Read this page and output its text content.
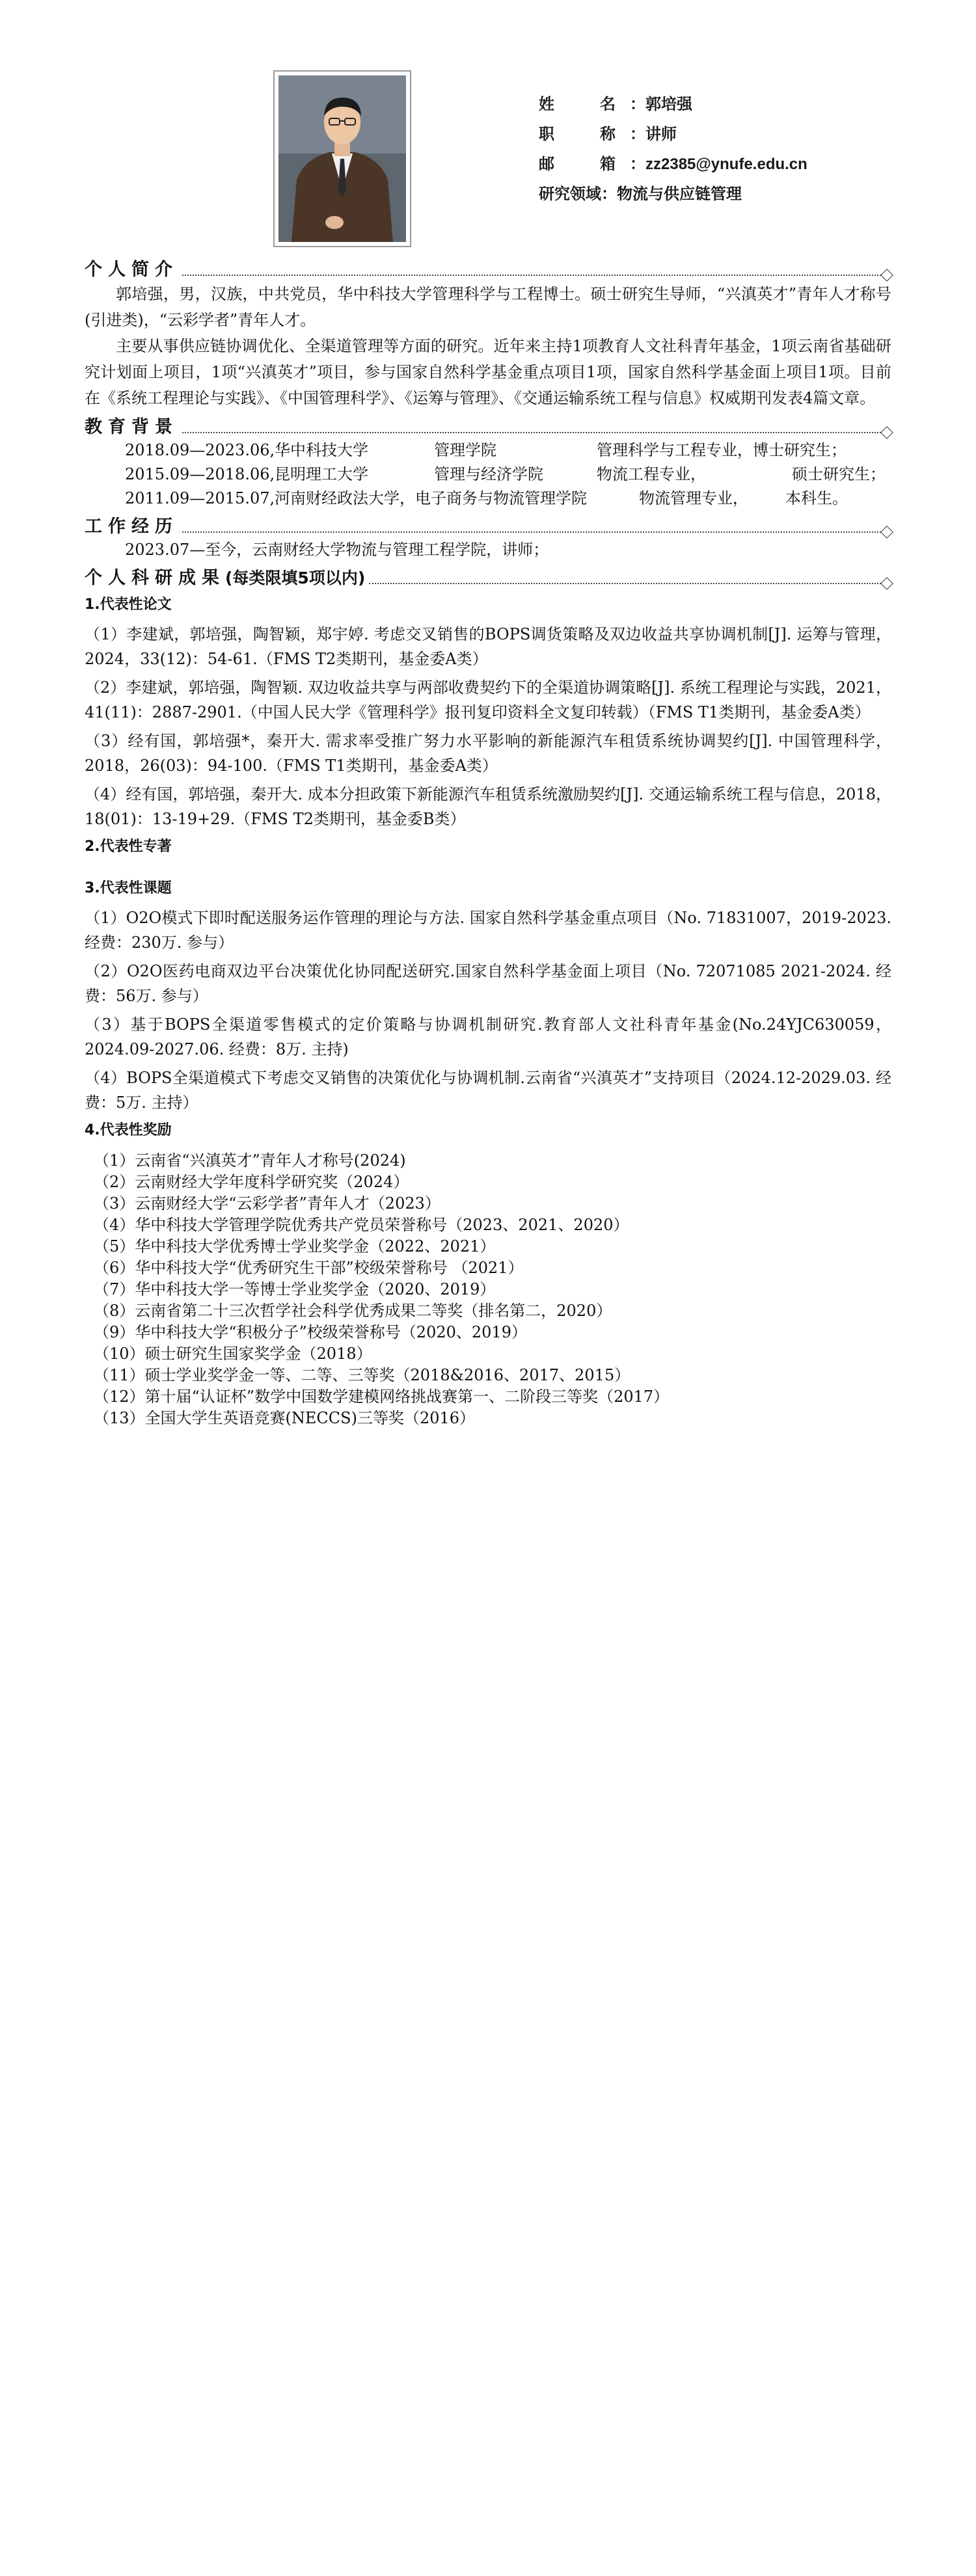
姓	名 ：郭培强
职	称 ：讲师
邮	箱 ：zz2385@ynufe.edu.cn
研究领域： 物流与供应链管理
个人简介

郭培强，男，汉族，中共党员，华中科技大学管理科学与工程博士。硕士研究生导师，“兴滇英才”青年人才称号(引进类)，“云彩学者”青年人才。

主要从事供应链协调优化、全渠道管理等方面的研究。近年来主持1项教育人文社科青年基金，1项云南省基础研究计划面上项目，1项“兴滇英才”项目，参与国家自然科学基金重点项目1项，国家自然科学基金面上项目1项。目前在《系统工程理论与实践》、《中国管理科学》、《运筹与管理》、《交通运输系统工程与信息》权威期刊发表4篇文章。

教育背景
2018.09—2023.06, 华中科技大学	管理学院	管理科学与工程专业，博士研究生；
2015.09—2018.06, 昆明理工大学	管理与经济学院	物流工程专业，	硕士研究生；
2011.09—2015.07, 河南财经政法大学，电子商务与物流管理学院	物流管理专业，	本科生。
工作经历
2023.07—至今，云南财经大学物流与管理工程学院，讲师；
个人科研成果(每类限填5项以内)
1.代表性论文

（1）李建斌，郭培强，陶智颖，郑宇婷. 考虑交叉销售的BOPS调货策略及双边收益共享协调机制[J]. 运筹与管理，2024，33(12)：54-61.（FMS T2类期刊，基金委A类）

（2）李建斌，郭培强，陶智颖. 双边收益共享与两部收费契约下的全渠道协调策略[J]. 系统工程理论与实践，2021，41(11)：2887-2901.（中国人民大学《管理科学》报刊复印资料全文复印转载）（FMS T1类期刊，基金委A类）

（3）经有国，郭培强*，秦开大. 需求率受推广努力水平影响的新能源汽车租赁系统协调契约[J]. 中国管理科学，2018，26(03)：94-100.（FMS T1类期刊，基金委A类）

（4）经有国，郭培强，秦开大. 成本分担政策下新能源汽车租赁系统激励契约[J]. 交通运输系统工程与信息，2018，18(01)：13-19+29.（FMS T2类期刊，基金委B类）

2.代表性专著
3.代表性课题

（1）O2O模式下即时配送服务运作管理的理论与方法. 国家自然科学基金重点项目（No. 71831007，2019-2023. 经费：230万. 参与）

（2）O2O医药电商双边平台决策优化协同配送研究.国家自然科学基金面上项目（No. 72071085 2021-2024. 经费：56万. 参与）

（3）基于BOPS全渠道零售模式的定价策略与协调机制研究.教育部人文社科青年基金(No.24YJC630059，2024.09-2027.06. 经费：8万. 主持)

（4）BOPS全渠道模式下考虑交叉销售的决策优化与协调机制.云南省“兴滇英才”支持项目（2024.12-2029.03. 经费：5万. 主持）

4.代表性奖励
（1）云南省“兴滇英才”青年人才称号(2024)
（2）云南财经大学年度科学研究奖（2024）
（3）云南财经大学“云彩学者”青年人才（2023）
（4）华中科技大学管理学院优秀共产党员荣誉称号（2023、2021、2020）
（5）华中科技大学优秀博士学业奖学金（2022、2021）
（6）华中科技大学“优秀研究生干部”校级荣誉称号 （2021）
（7）华中科技大学一等博士学业奖学金（2020、2019）
（8）云南省第二十三次哲学社会科学优秀成果二等奖（排名第二，2020）
（9）华中科技大学“积极分子”校级荣誉称号（2020、2019）
（10）硕士研究生国家奖学金（2018）
（11）硕士学业奖学金一等、二等、三等奖（2018&2016、2017、2015）
（12）第十届“认证杯”数学中国数学建模网络挑战赛第一、二阶段三等奖（2017）
（13）全国大学生英语竞赛(NECCS)三等奖（2016）
